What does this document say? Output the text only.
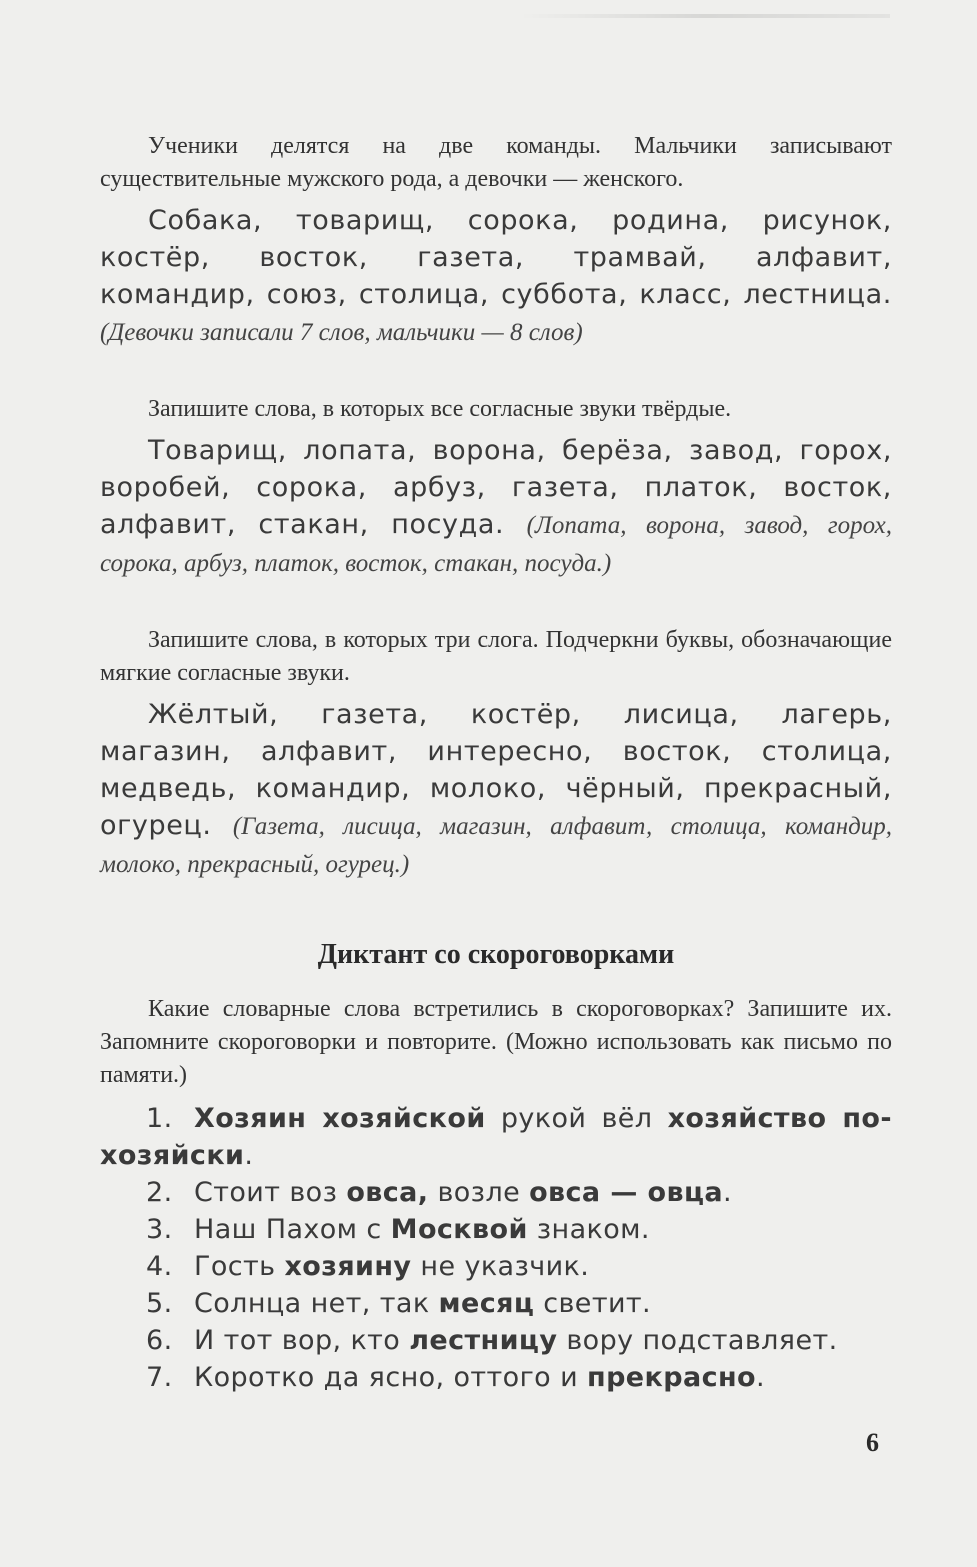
Ученики делятся на две команды. Мальчики записывают существительные мужского рода, а девочки — женского.

Собака, товарищ, сорока, родина, рисунок, костёр, восток, газета, трамвай, алфавит, командир, союз, столица, суббота, класс, лестница. (Девочки записали 7 слов, мальчики — 8 слов)

Запишите слова, в которых все согласные звуки твёрдые.

Товарищ, лопата, ворона, берёза, завод, горох, воробей, сорока, арбуз, газета, платок, восток, алфавит, стакан, посуда. (Лопата, ворона, завод, горох, сорока, арбуз, платок, восток, стакан, посуда.)

Запишите слова, в которых три слога. Подчеркни буквы, обозначающие мягкие согласные звуки.

Жёлтый, газета, костёр, лисица, лагерь, магазин, алфавит, интересно, восток, столица, медведь, командир, молоко, чёрный, прекрасный, огурец. (Газета, лисица, магазин, алфавит, столица, командир, молоко, прекрасный, огурец.)

Диктант со скороговорками

Какие словарные слова встретились в скороговорках? Запишите их. Запомните скороговорки и повторите. (Можно использовать как письмо по памяти.)

1. Хозяин хозяйской рукой вёл хозяйство по-хозяйски.
2. Стоит воз овса, возле овса — овца.
3. Наш Пахом с Москвой знаком.
4. Гость хозяину не указчик.
5. Солнца нет, так месяц светит.
6. И тот вор, кто лестницу вору подставляет.
7. Коротко да ясно, оттого и прекрасно.
6
